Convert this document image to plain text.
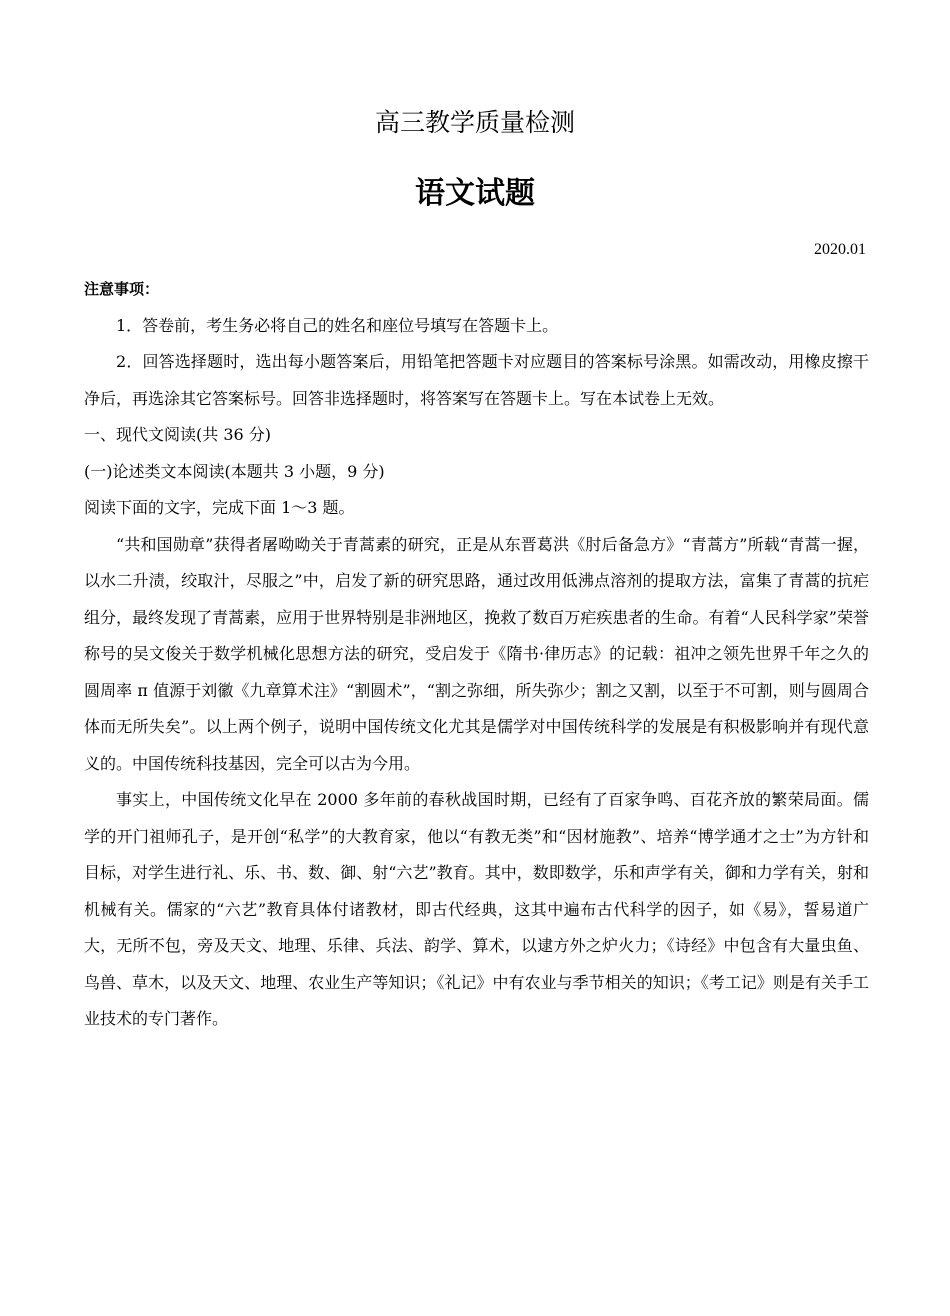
高三教学质量检测
语文试题
2020.01

注意事项：

1．答卷前，考生务必将自己的姓名和座位号填写在答题卡上。

2．回答选择题时，选出每小题答案后，用铅笔把答题卡对应题目的答案标号涂黑。如需改动，用橡皮擦干净后，再选涂其它答案标号。回答非选择题时，将答案写在答题卡上。写在本试卷上无效。

一、现代文阅读(共 36 分)

(一)论述类文本阅读(本题共 3 小题，9 分)

阅读下面的文字，完成下面 1～3 题。

“共和国勋章”获得者屠呦呦关于青蒿素的研究，正是从东晋葛洪《肘后备急方》“青蒿方”所载“青蒿一握，以水二升渍，绞取汁，尽服之”中，启发了新的研究思路，通过改用低沸点溶剂的提取方法，富集了青蒿的抗疟组分，最终发现了青蒿素，应用于世界特别是非洲地区，挽救了数百万疟疾患者的生命。有着“人民科学家”荣誉称号的吴文俊关于数学机械化思想方法的研究，受启发于《隋书·律历志》的记载：祖冲之领先世界千年之久的圆周率 π 值源于刘徽《九章算术注》“割圆术”，“割之弥细，所失弥少；割之又割，以至于不可割，则与圆周合体而无所失矣”。以上两个例子，说明中国传统文化尤其是儒学对中国传统科学的发展是有积极影响并有现代意义的。中国传统科技基因，完全可以古为今用。

事实上，中国传统文化早在 2000 多年前的春秋战国时期，已经有了百家争鸣、百花齐放的繁荣局面。儒学的开门祖师孔子，是开创“私学”的大教育家，他以“有教无类”和“因材施教”、培养“博学通才之士”为方针和目标，对学生进行礼、乐、书、数、御、射“六艺”教育。其中，数即数学，乐和声学有关，御和力学有关，射和机械有关。儒家的“六艺”教育具体付诸教材，即古代经典，这其中遍布古代科学的因子，如《易》，誓易道广大，无所不包，旁及天文、地理、乐律、兵法、韵学、算术，以逮方外之炉火力；《诗经》中包含有大量虫鱼、鸟兽、草木，以及天文、地理、农业生产等知识；《礼记》中有农业与季节相关的知识；《考工记》则是有关手工业技术的专门著作。
